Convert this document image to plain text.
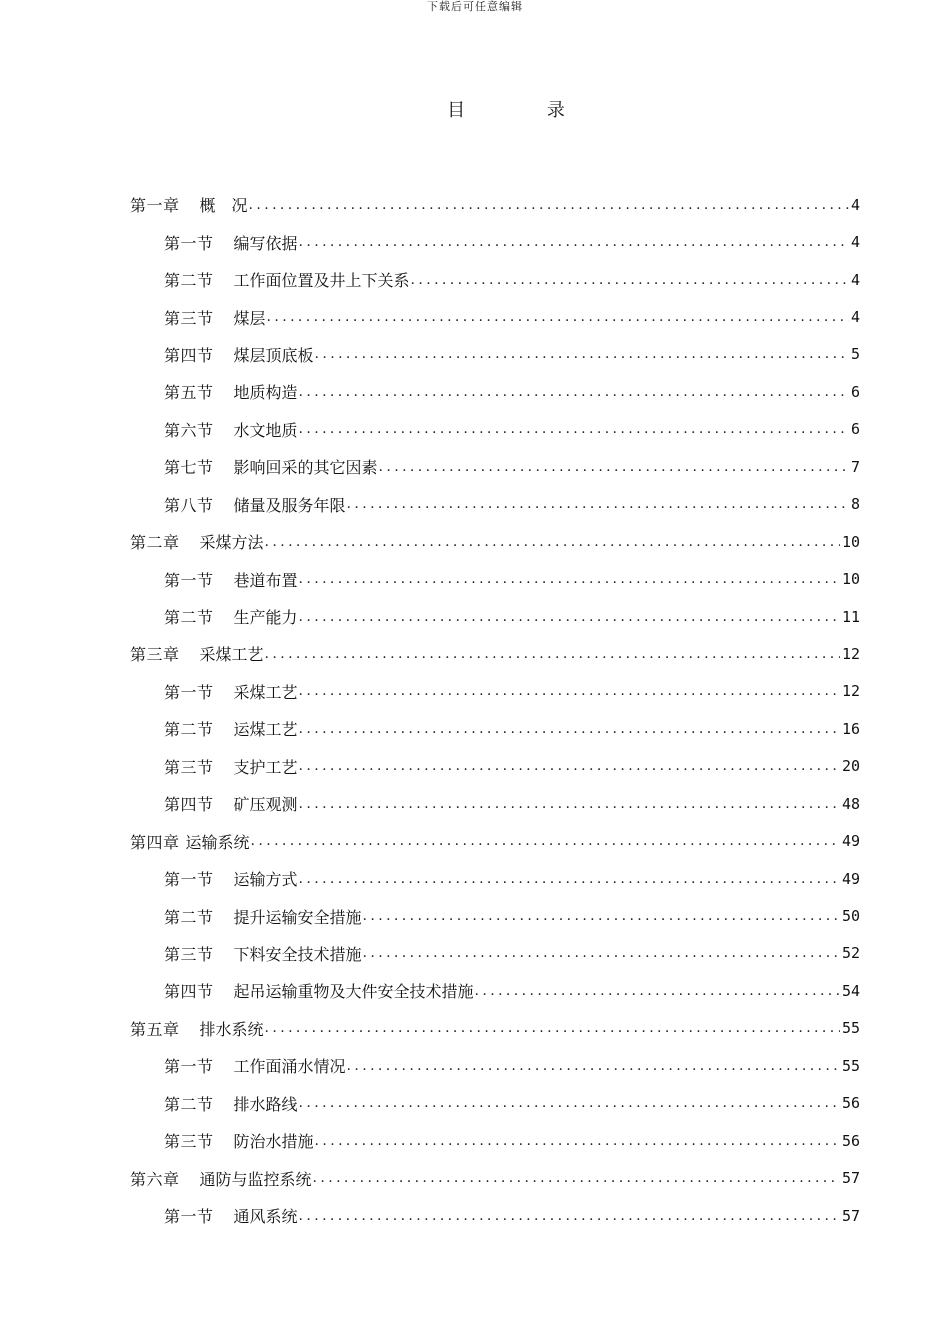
下载后可任意编辑
目 录
第一章 概　况 .....	4
第一节 编写依据 .....	4
第二节 工作面位置及井上下关系 .....	4
第三节 煤层 .....	4
第四节 煤层顶底板 .....	5
第五节 地质构造 .....	6
第六节 水文地质 .....	6
第七节 影响回采的其它因素 .....	7
第八节 储量及服务年限 .....	8
第二章 采煤方法 .....	10
第一节 巷道布置 .....	10
第二节 生产能力 .....	11
第三章 采煤工艺 .....	12
第一节 采煤工艺 .....	12
第二节 运煤工艺 .....	16
第三节 支护工艺 .....	20
第四节 矿压观测 .....	48
第四章 运输系统 .....	49
第一节 运输方式 .....	49
第二节 提升运输安全措施 .....	50
第三节 下料安全技术措施 .....	52
第四节 起吊运输重物及大件安全技术措施 .....	54
第五章 排水系统 .....	55
第一节 工作面涌水情况 .....	55
第二节 排水路线 .....	56
第三节 防治水措施 .....	56
第六章 通防与监控系统 .....	57
第一节 通风系统 .....	57
